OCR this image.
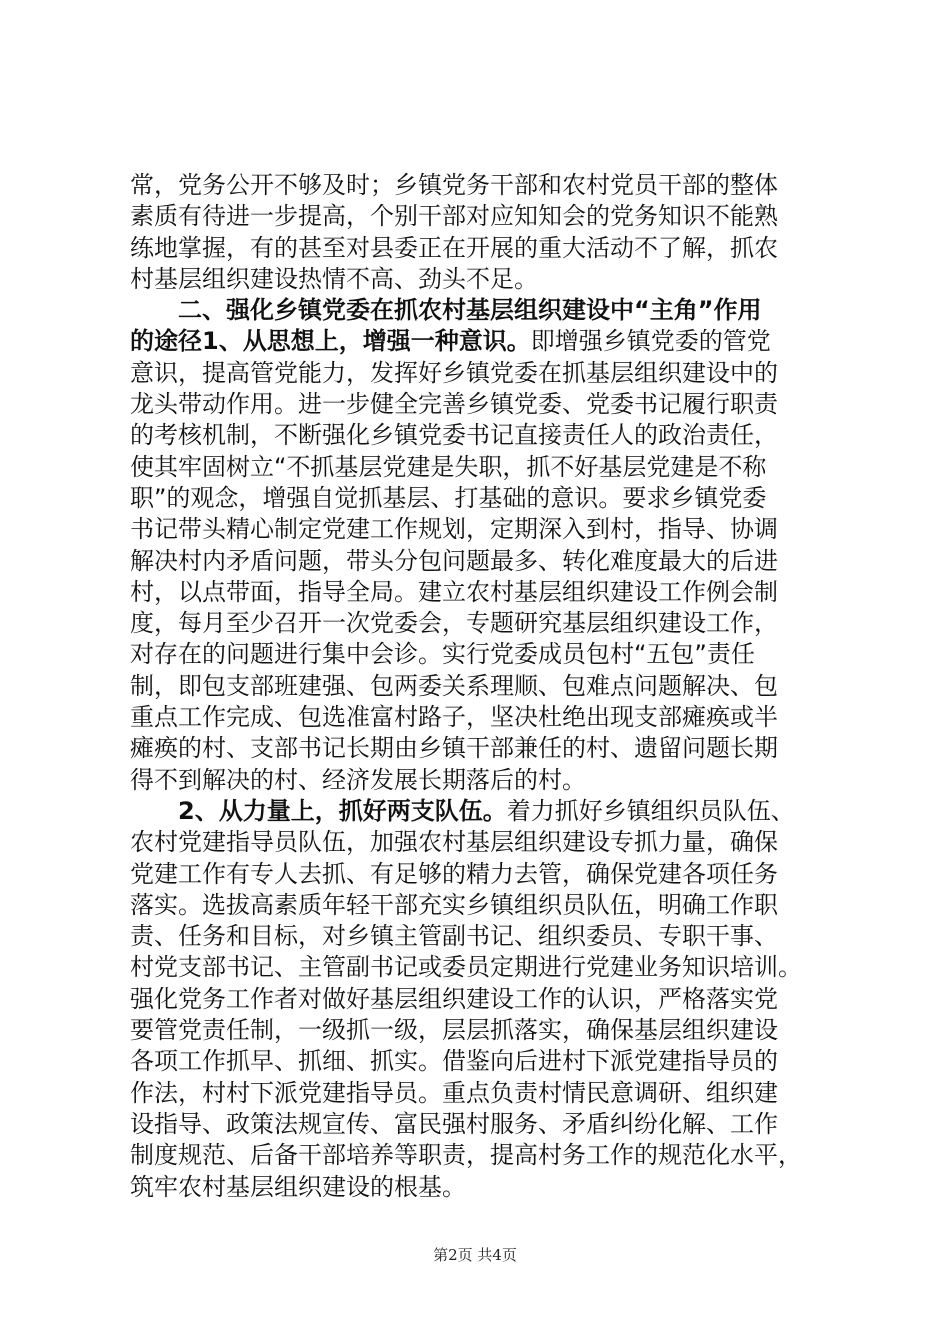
常，党务公开不够及时；乡镇党务干部和农村党员干部的整体
素质有待进一步提高，个别干部对应知知会的党务知识不能熟
练地掌握，有的甚至对县委正在开展的重大活动不了解，抓农
村基层组织建设热情不高、劲头不足。
　　二、强化乡镇党委在抓农村基层组织建设中“主角”作用
的途径1、从思想上，增强一种意识。即增强乡镇党委的管党
意识，提高管党能力，发挥好乡镇党委在抓基层组织建设中的
龙头带动作用。进一步健全完善乡镇党委、党委书记履行职责
的考核机制，不断强化乡镇党委书记直接责任人的政治责任，
使其牢固树立“不抓基层党建是失职，抓不好基层党建是不称
职”的观念，增强自觉抓基层、打基础的意识。要求乡镇党委
书记带头精心制定党建工作规划，定期深入到村，指导、协调
解决村内矛盾问题，带头分包问题最多、转化难度最大的后进
村，以点带面，指导全局。建立农村基层组织建设工作例会制
度，每月至少召开一次党委会，专题研究基层组织建设工作，
对存在的问题进行集中会诊。实行党委成员包村“五包”责任
制，即包支部班建强、包两委关系理顺、包难点问题解决、包
重点工作完成、包选准富村路子，坚决杜绝出现支部瘫痪或半
瘫痪的村、支部书记长期由乡镇干部兼任的村、遗留问题长期
得不到解决的村、经济发展长期落后的村。
　　2、从力量上，抓好两支队伍。着力抓好乡镇组织员队伍、
农村党建指导员队伍，加强农村基层组织建设专抓力量，确保
党建工作有专人去抓、有足够的精力去管，确保党建各项任务
落实。选拔高素质年轻干部充实乡镇组织员队伍，明确工作职
责、任务和目标，对乡镇主管副书记、组织委员、专职干事、
村党支部书记、主管副书记或委员定期进行党建业务知识培训。
强化党务工作者对做好基层组织建设工作的认识，严格落实党
要管党责任制，一级抓一级，层层抓落实，确保基层组织建设
各项工作抓早、抓细、抓实。借鉴向后进村下派党建指导员的
作法，村村下派党建指导员。重点负责村情民意调研、组织建
设指导、政策法规宣传、富民强村服务、矛盾纠纷化解、工作
制度规范、后备干部培养等职责，提高村务工作的规范化水平，
筑牢农村基层组织建设的根基。
第2页 共4页
